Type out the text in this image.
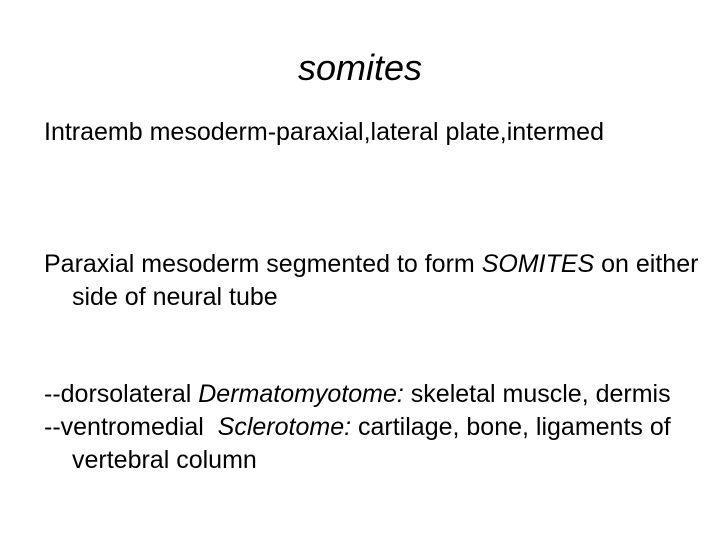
somites

Intraemb mesoderm-paraxial,lateral plate,intermed

Paraxial mesoderm segmented to form SOMITES on either side of neural tube

--dorsolateral Dermatomyotome: skeletal muscle, dermis

--ventromedial  Sclerotome: cartilage, bone, ligaments of vertebral column
